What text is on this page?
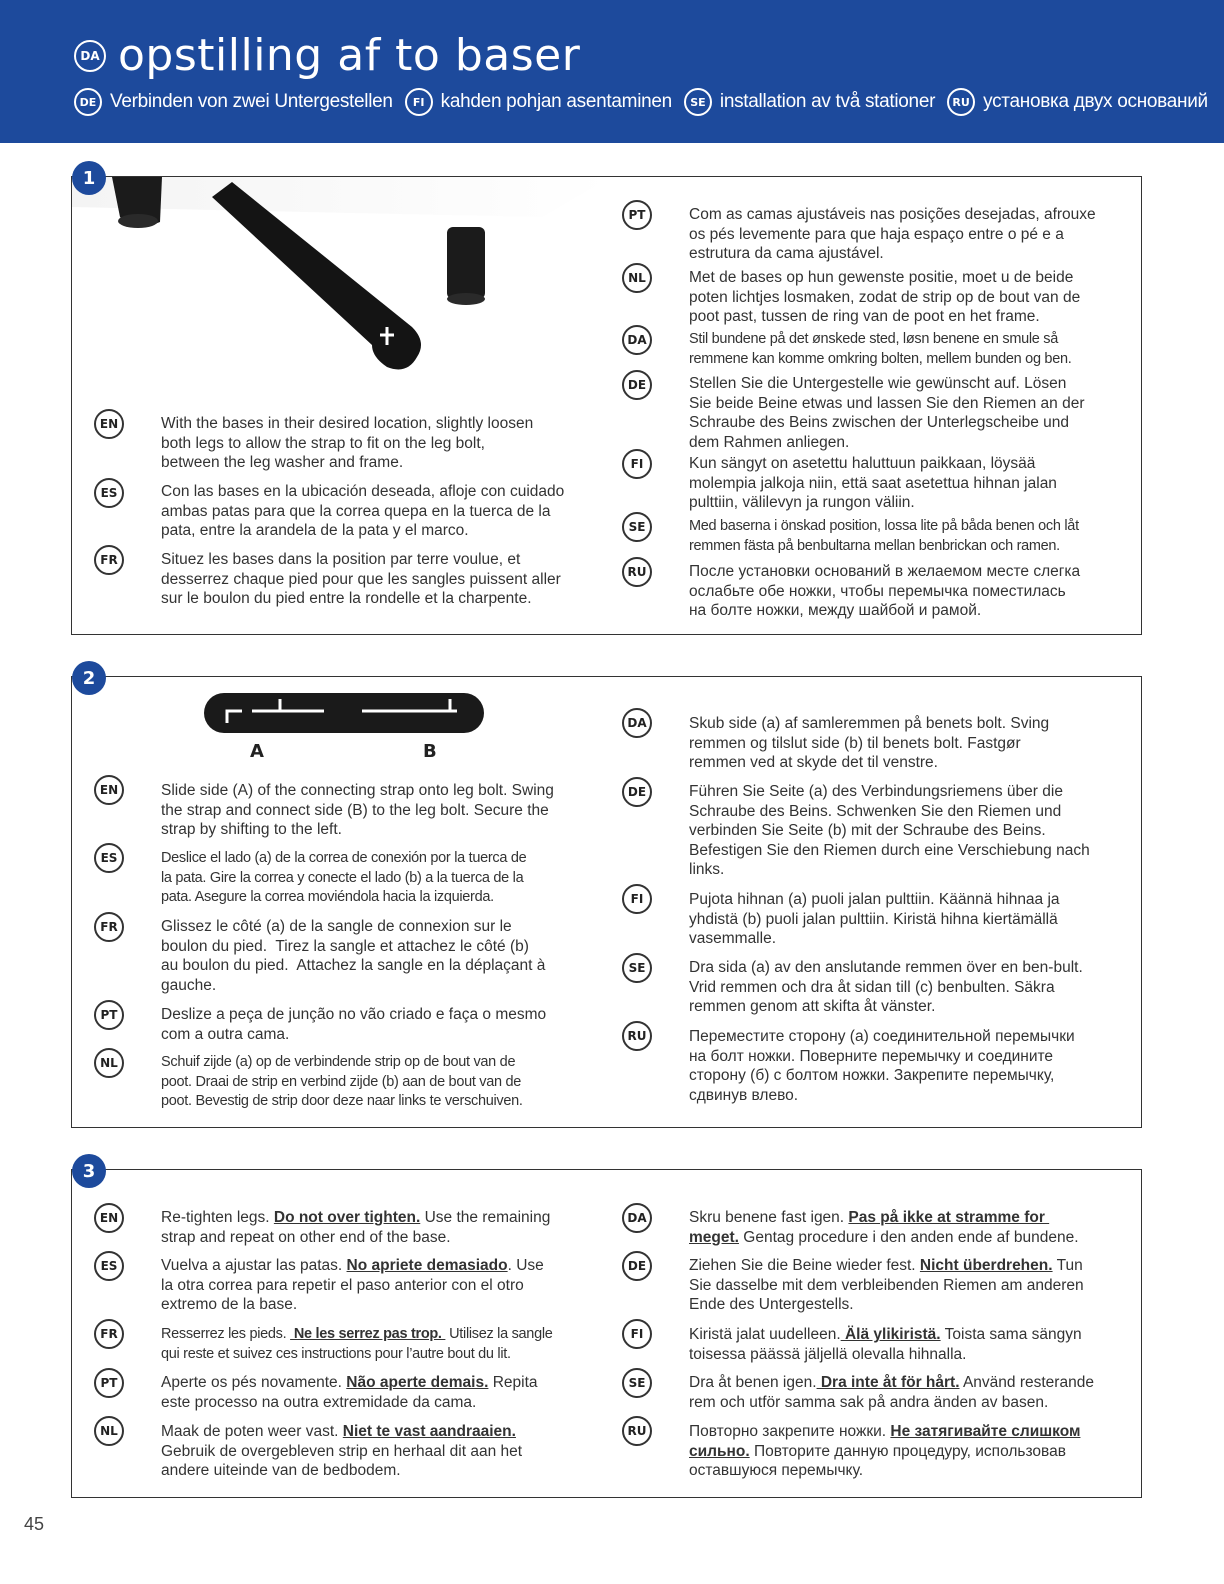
DA opstilling af to baser
DE Verbinden von zwei Untergestellen	FI kahden pohjan asentaminen	SE installation av två stationer	RU установка двух оснований
1
EN	With the bases in their desired location, slightly loosen
both legs to allow the strap to fit on the leg bolt,
between the leg washer and frame.
ES	Con las bases en la ubicación deseada, afloje con cuidado
ambas patas para que la correa quepa en la tuerca de la
pata, entre la arandela de la pata y el marco.
FR	Situez les bases dans la position par terre voulue, et
desserrez chaque pied pour que les sangles puissent aller
sur le boulon du pied entre la rondelle et la charpente.
PT	Com as camas ajustáveis nas posições desejadas, afrouxe
os pés levemente para que haja espaço entre o pé e a
estrutura da cama ajustável.
NL	Met de bases op hun gewenste positie, moet u de beide
poten lichtjes losmaken, zodat de strip op de bout van de
poot past, tussen de ring van de poot en het frame.
DA	Stil bundene på det ønskede sted, løsn benene en smule så
remmene kan komme omkring bolten, mellem bunden og ben.
DE	Stellen Sie die Untergestelle wie gewünscht auf. Lösen
Sie beide Beine etwas und lassen Sie den Riemen an der
Schraube des Beins zwischen der Unterlegscheibe und
dem Rahmen anliegen.
FI	Kun sängyt on asetettu haluttuun paikkaan, löysää
molempia jalkoja niin, että saat asetettua hihnan jalan
pulttiin, välilevyn ja rungon väliin.
SE	Med baserna i önskad position, lossa lite på båda benen och låt
remmen fästa på benbultarna mellan benbrickan och ramen.
RU	После установки оснований в желаемом месте слегка
ослабьте обе ножки, чтобы перемычка поместилась
на болте ножки, между шайбой и рамой.
2
A	B
EN	Slide side (A) of the connecting strap onto leg bolt. Swing
the strap and connect side (B) to the leg bolt. Secure the
strap by shifting to the left.
ES	Deslice el lado (a) de la correa de conexión por la tuerca de
la pata. Gire la correa y conecte el lado (b) a la tuerca de la
pata. Asegure la correa moviéndola hacia la izquierda.
FR	Glissez le côté (a) de la sangle de connexion sur le
boulon du pied.  Tirez la sangle et attachez le côté (b)
au boulon du pied.  Attachez la sangle en la déplaçant à
gauche.
PT	Deslize a peça de junção no vão criado e faça o mesmo
com a outra cama.
NL	Schuif zijde (a) op de verbindende strip op de bout van de
poot. Draai de strip en verbind zijde (b) aan de bout van de
poot. Bevestig de strip door deze naar links te verschuiven.
DA	Skub side (a) af samleremmen på benets bolt. Sving
remmen og tilslut side (b) til benets bolt. Fastgør
remmen ved at skyde det til venstre.
DE	Führen Sie Seite (a) des Verbindungsriemens über die
Schraube des Beins. Schwenken Sie den Riemen und
verbinden Sie Seite (b) mit der Schraube des Beins.
Befestigen Sie den Riemen durch eine Verschiebung nach
links.
FI	Pujota hihnan (a) puoli jalan pulttiin. Käännä hihnaa ja
yhdistä (b) puoli jalan pulttiin. Kiristä hihna kiertämällä
vasemmalle.
SE	Dra sida (a) av den anslutande remmen över en ben-bult.
Vrid remmen och dra åt sidan till (c) benbulten. Säkra
remmen genom att skifta åt vänster.
RU	Переместите сторону (а) соединительной перемычки
на болт ножки. Поверните перемычку и соедините
сторону (б) с болтом ножки. Закрепите перемычку,
сдвинув влево.
3
EN	Re-tighten legs. Do not over tighten. Use the remaining
strap and repeat on other end of the base.
ES	Vuelva a ajustar las patas. No apriete demasiado. Use
la otra correa para repetir el paso anterior con el otro
extremo de la base.
FR	Resserrez les pieds.  Ne les serrez pas trop.  Utilisez la sangle
qui reste et suivez ces instructions pour l’autre bout du lit.
PT	Aperte os pés novamente. Não aperte demais. Repita
este processo na outra extremidade da cama.
NL	Maak de poten weer vast. Niet te vast aandraaien.
Gebruik de overgebleven strip en herhaal dit aan het
andere uiteinde van de bedbodem.
DA	Skru benene fast igen. Pas på ikke at stramme for
meget. Gentag procedure i den anden ende af bundene.
DE	Ziehen Sie die Beine wieder fest. Nicht überdrehen. Tun
Sie dasselbe mit dem verbleibenden Riemen am anderen
Ende des Untergestells.
FI	Kiristä jalat uudelleen. Älä ylikiristä. Toista sama sängyn
toisessa päässä jäljellä olevalla hihnalla.
SE	Dra åt benen igen. Dra inte åt för hårt. Använd resterande
rem och utför samma sak på andra änden av basen.
RU	Повторно закрепите ножки. Не затягивайте слишком
сильно. Повторите данную процедуру, использовав
оставшуюся перемычку.
45
